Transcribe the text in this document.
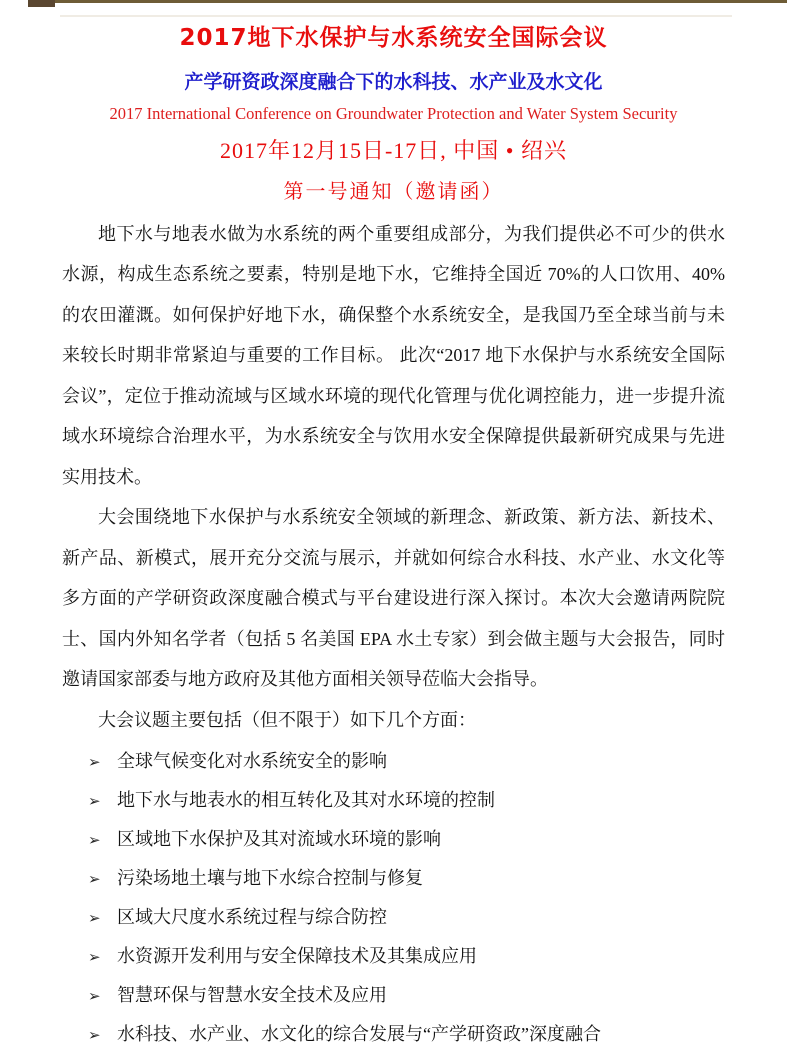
2017地下水保护与水系统安全国际会议
产学研资政深度融合下的水科技、水产业及水文化
2017 International Conference on Groundwater Protection and Water System Security
2017年12月15日-17日, 中国 • 绍兴
第一号通知（邀请函）

地下水与地表水做为水系统的两个重要组成部分，为我们提供必不可少的供水水源，构成生态系统之要素，特别是地下水，它维持全国近 70%的人口饮用、40%的农田灌溉。如何保护好地下水，确保整个水系统安全，是我国乃至全球当前与未来较长时期非常紧迫与重要的工作目标。 此次“2017 地下水保护与水系统安全国际会议”，定位于推动流域与区域水环境的现代化管理与优化调控能力，进一步提升流域水环境综合治理水平，为水系统安全与饮用水安全保障提供最新研究成果与先进实用技术。

大会围绕地下水保护与水系统安全领域的新理念、新政策、新方法、新技术、新产品、新模式，展开充分交流与展示，并就如何综合水科技、水产业、水文化等多方面的产学研资政深度融合模式与平台建设进行深入探讨。本次大会邀请两院院士、国内外知名学者（包括 5 名美国 EPA 水土专家）到会做主题与大会报告，同时邀请国家部委与地方政府及其他方面相关领导莅临大会指导。

大会议题主要包括（但不限于）如下几个方面：

➢ 全球气候变化对水系统安全的影响
➢ 地下水与地表水的相互转化及其对水环境的控制
➢ 区域地下水保护及其对流域水环境的影响
➢ 污染场地土壤与地下水综合控制与修复
➢ 区域大尺度水系统过程与综合防控
➢ 水资源开发利用与安全保障技术及其集成应用
➢ 智慧环保与智慧水安全技术及应用
➢ 水科技、水产业、水文化的综合发展与“产学研资政”深度融合
